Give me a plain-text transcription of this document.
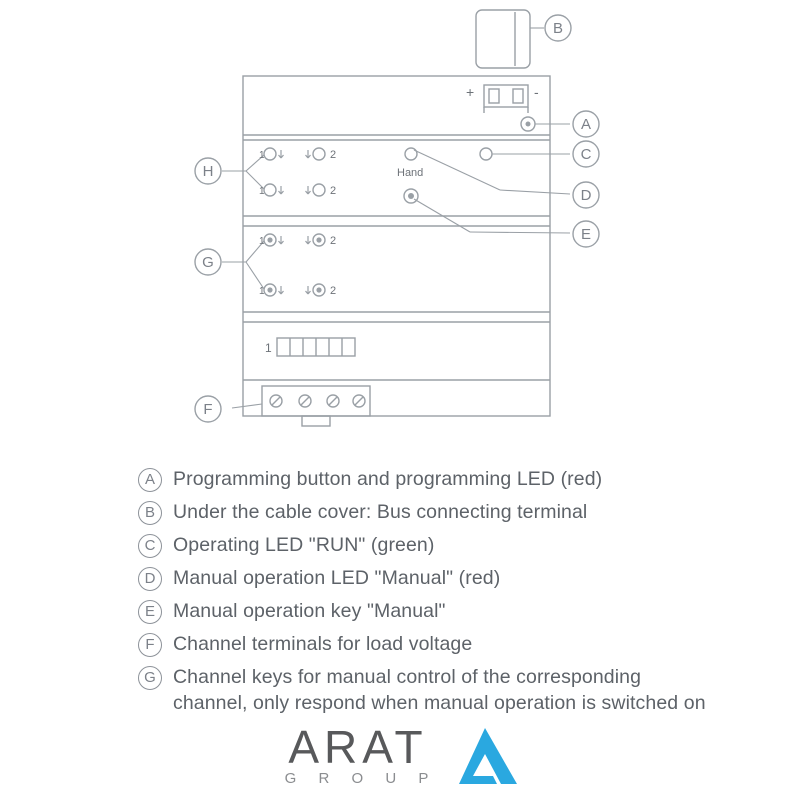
B
A
C
D
E
H
G
F
+	-
Hand
1	2
1	2
1	2
1	2
1
A Programming button and programming LED (red)
B Under the cable cover: Bus connecting terminal
C Operating LED "RUN" (green)
D Manual operation LED "Manual" (red)
E Manual operation key "Manual"
F Channel terminals for load voltage
G Channel keys for manual control of the corresponding channel, only respond when manual operation is switched on
ARAT
G R O U P
